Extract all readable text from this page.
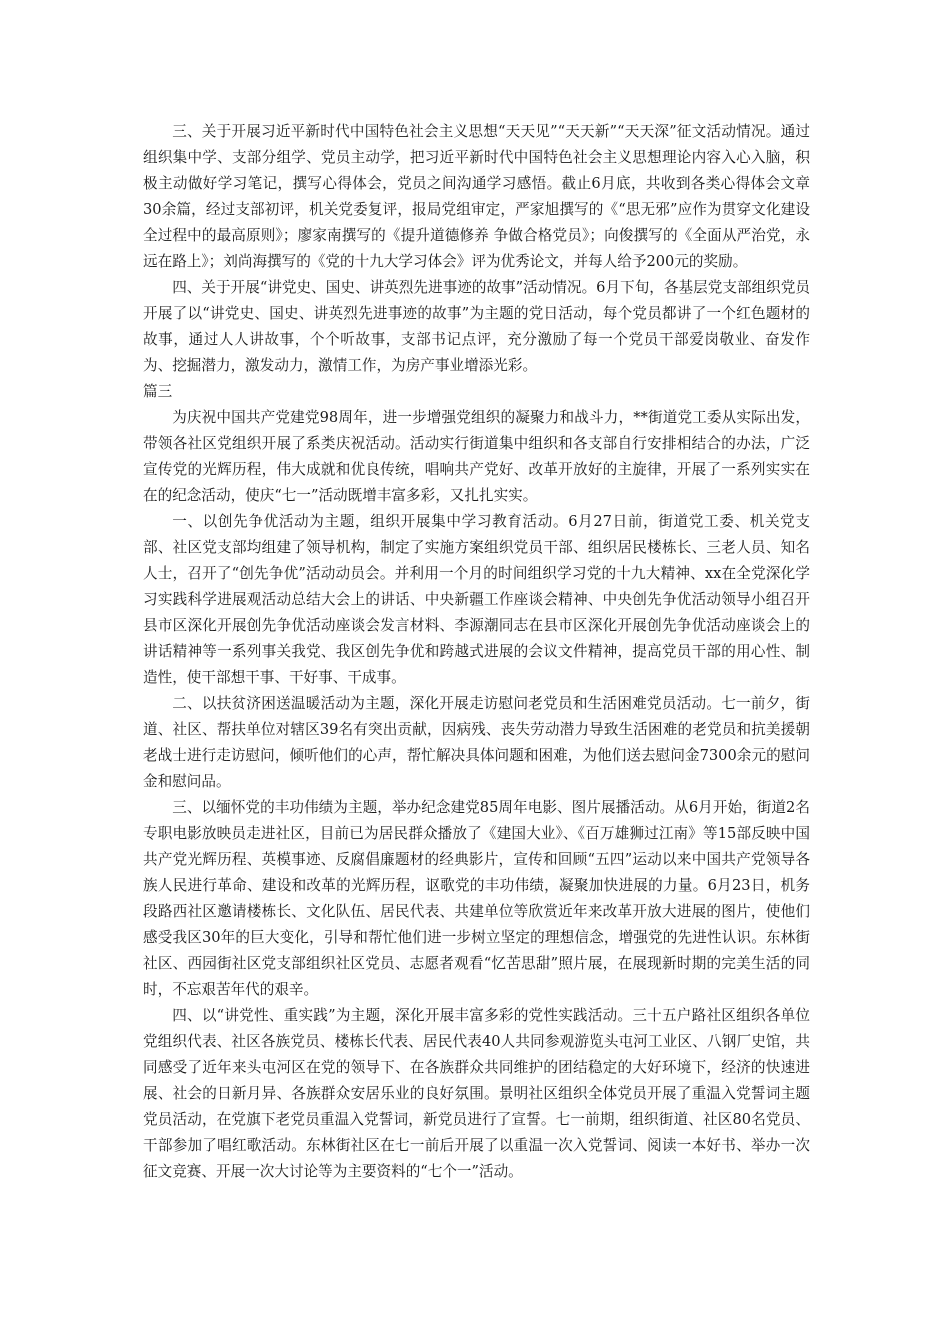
三、关于开展习近平新时代中国特色社会主义思想“天天见”“天天新”“天天深”征文活动情况。通过组织集中学、支部分组学、党员主动学，把习近平新时代中国特色社会主义思想理论内容入心入脑，积极主动做好学习笔记，撰写心得体会，党员之间沟通学习感悟。截止6月底，共收到各类心得体会文章30余篇，经过支部初评，机关党委复评，报局党组审定，严家旭撰写的《“思无邪”应作为贯穿文化建设全过程中的最高原则》；廖家南撰写的《提升道德修养 争做合格党员》；向俊撰写的《全面从严治党，永远在路上》；刘尚海撰写的《党的十九大学习体会》评为优秀论文，并每人给予200元的奖励。

四、关于开展“讲党史、国史、讲英烈先进事迹的故事”活动情况。6月下旬，各基层党支部组织党员开展了以“讲党史、国史、讲英烈先进事迹的故事”为主题的党日活动，每个党员都讲了一个红色题材的故事，通过人人讲故事，个个听故事，支部书记点评，充分激励了每一个党员干部爱岗敬业、奋发作为、挖掘潜力，激发动力，激情工作，为房产事业增添光彩。

篇三

为庆祝中国共产党建党98周年，进一步增强党组织的凝聚力和战斗力，**街道党工委从实际出发，带领各社区党组织开展了系类庆祝活动。活动实行街道集中组织和各支部自行安排相结合的办法，广泛宣传党的光辉历程，伟大成就和优良传统，唱响共产党好、改革开放好的主旋律，开展了一系列实实在在的纪念活动，使庆“七一”活动既增丰富多彩，又扎扎实实。

一、以创先争优活动为主题，组织开展集中学习教育活动。6月27日前，街道党工委、机关党支部、社区党支部均组建了领导机构，制定了实施方案组织党员干部、组织居民楼栋长、三老人员、知名人士，召开了“创先争优”活动动员会。并利用一个月的时间组织学习党的十九大精神、xx在全党深化学习实践科学进展观活动总结大会上的讲话、中央新疆工作座谈会精神、中央创先争优活动领导小组召开县市区深化开展创先争优活动座谈会发言材料、李源潮同志在县市区深化开展创先争优活动座谈会上的讲话精神等一系列事关我党、我区创先争优和跨越式进展的会议文件精神，提高党员干部的用心性、制造性，使干部想干事、干好事、干成事。

二、以扶贫济困送温暖活动为主题，深化开展走访慰问老党员和生活困难党员活动。七一前夕，街道、社区、帮扶单位对辖区39名有突出贡献，因病残、丧失劳动潜力导致生活困难的老党员和抗美援朝老战士进行走访慰问，倾听他们的心声，帮忙解决具体问题和困难，为他们送去慰问金7300余元的慰问金和慰问品。

三、以缅怀党的丰功伟绩为主题，举办纪念建党85周年电影、图片展播活动。从6月开始，街道2名专职电影放映员走进社区，目前已为居民群众播放了《建国大业》、《百万雄狮过江南》等15部反映中国共产党光辉历程、英模事迹、反腐倡廉题材的经典影片，宣传和回顾“五四”运动以来中国共产党领导各族人民进行革命、建设和改革的光辉历程，讴歌党的丰功伟绩，凝聚加快进展的力量。6月23日，机务段路西社区邀请楼栋长、文化队伍、居民代表、共建单位等欣赏近年来改革开放大进展的图片，使他们感受我区30年的巨大变化，引导和帮忙他们进一步树立坚定的理想信念，增强党的先进性认识。东林街社区、西园街社区党支部组织社区党员、志愿者观看“忆苦思甜”照片展，在展现新时期的完美生活的同时，不忘艰苦年代的艰辛。

四、以“讲党性、重实践”为主题，深化开展丰富多彩的党性实践活动。三十五户路社区组织各单位党组织代表、社区各族党员、楼栋长代表、居民代表40人共同参观游览头屯河工业区、八钢厂史馆，共同感受了近年来头屯河区在党的领导下、在各族群众共同维护的团结稳定的大好环境下，经济的快速进展、社会的日新月异、各族群众安居乐业的良好氛围。景明社区组织全体党员开展了重温入党誓词主题党员活动，在党旗下老党员重温入党誓词，新党员进行了宣誓。七一前期，组织街道、社区80名党员、干部参加了唱红歌活动。东林街社区在七一前后开展了以重温一次入党誓词、阅读一本好书、举办一次征文竞赛、开展一次大讨论等为主要资料的“七个一”活动。
